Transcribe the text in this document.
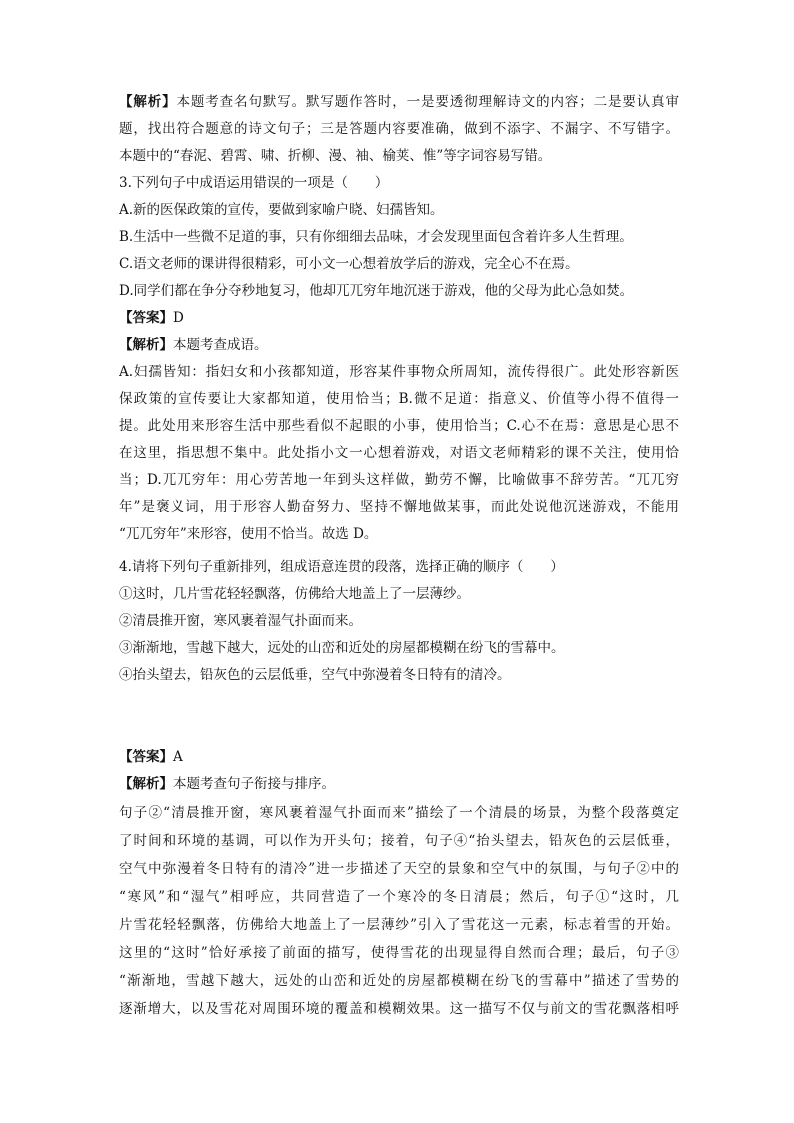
【解析】本题考查名句默写。默写题作答时，一是要透彻理解诗文的内容；二是要认真审
题，找出符合题意的诗文句子；三是答题内容要准确，做到不添字、不漏字、不写错字。
本题中的“春泥、碧霄、啸、折柳、漫、袖、榆荚、惟”等字词容易写错。
3.下列句子中成语运用错误的一项是（　　）
A.新的医保政策的宣传，要做到家喻户晓、妇孺皆知。
B.生活中一些微不足道的事，只有你细细去品味，才会发现里面包含着许多人生哲理。
C.语文老师的课讲得很精彩，可小文一心想着放学后的游戏，完全心不在焉。
D.同学们都在争分夺秒地复习，他却兀兀穷年地沉迷于游戏，他的父母为此心急如焚。
【答案】D
【解析】本题考查成语。
A.妇孺皆知：指妇女和小孩都知道，形容某件事物众所周知，流传得很广。此处形容新医
保政策的宣传要让大家都知道，使用恰当；B.微不足道：指意义、价值等小得不值得一
提。此处用来形容生活中那些看似不起眼的小事，使用恰当；C.心不在焉：意思是心思不
在这里，指思想不集中。此处指小文一心想着游戏，对语文老师精彩的课不关注，使用恰
当；D.兀兀穷年：用心劳苦地一年到头这样做，勤劳不懈，比喻做事不辞劳苦。“兀兀穷
年”是褒义词，用于形容人勤奋努力、坚持不懈地做某事，而此处说他沉迷游戏，不能用
“兀兀穷年”来形容，使用不恰当。故选 D。
4.请将下列句子重新排列，组成语意连贯的段落，选择正确的顺序（　　）
①这时，几片雪花轻轻飘落，仿佛给大地盖上了一层薄纱。
②清晨推开窗，寒风裹着湿气扑面而来。
③渐渐地，雪越下越大，远处的山峦和近处的房屋都模糊在纷飞的雪幕中。
④抬头望去，铅灰色的云层低垂，空气中弥漫着冬日特有的清冷。
【答案】A
【解析】本题考查句子衔接与排序。
句子②“清晨推开窗，寒风裹着湿气扑面而来”描绘了一个清晨的场景，为整个段落奠定
了时间和环境的基调，可以作为开头句；接着，句子④“抬头望去，铅灰色的云层低垂，
空气中弥漫着冬日特有的清冷”进一步描述了天空的景象和空气中的氛围，与句子②中的
“寒风”和“湿气”相呼应，共同营造了一个寒冷的冬日清晨；然后，句子①“这时，几
片雪花轻轻飘落，仿佛给大地盖上了一层薄纱”引入了雪花这一元素，标志着雪的开始。
这里的“这时”恰好承接了前面的描写，使得雪花的出现显得自然而合理；最后，句子③
“渐渐地，雪越下越大，远处的山峦和近处的房屋都模糊在纷飞的雪幕中”描述了雪势的
逐渐增大，以及雪花对周围环境的覆盖和模糊效果。这一描写不仅与前文的雪花飘落相呼
